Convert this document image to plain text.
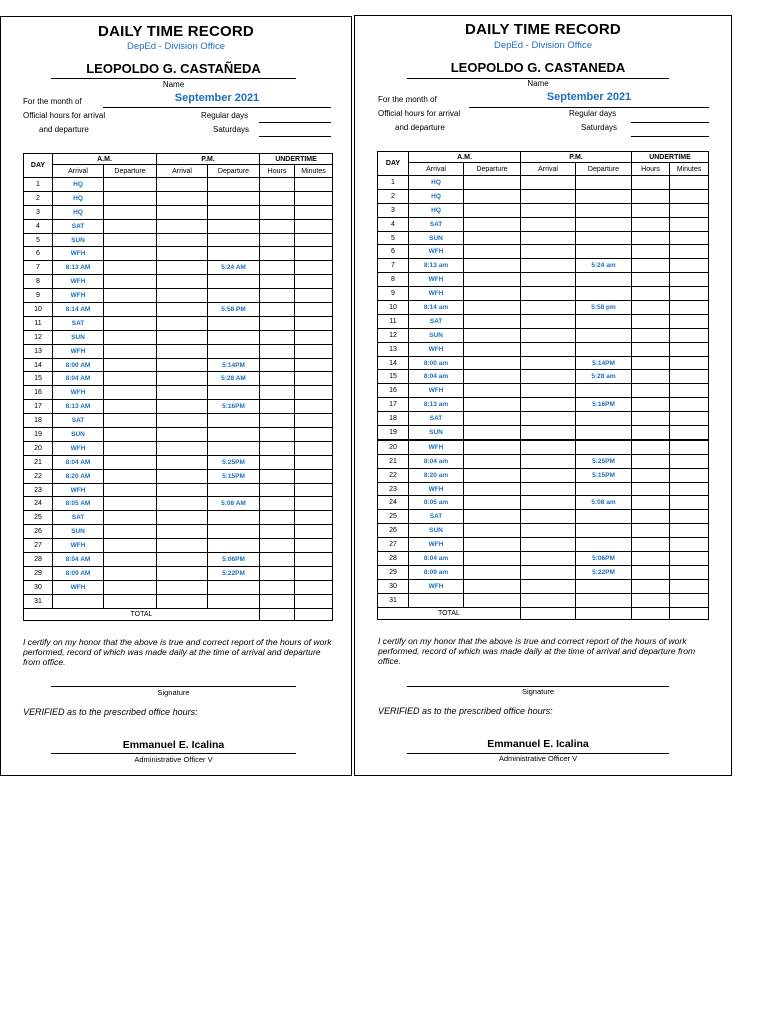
DAILY TIME RECORD
DepEd - Division Office
LEOPOLDO G. CASTAÑEDA
Name
For the month of	September 2021
Official hours for arrival	Regular days
and departure	Saturdays
DAY	A.M.		P.M.		UNDERTIME	
	Arrival	Departure	Arrival	Departure	Hours	Minutes
1	HQ					
2	HQ					
3	HQ					
4	SAT					
5	SUN					
6	WFH					
7	8:13 AM			5:24 AM		
8	WFH					
9	WFH					
10	8:14 AM			5:58 PM		
11	SAT					
12	SUN					
13	WFH					
14	8:00 AM			5:14PM		
15	8:04 AM			5:28 AM		
16	WFH					
17	8:13 AM			5:16PM		
18	SAT					
19	SUN					
20	WFH					
21	8:04 AM			5:25PM		
22	8:20 AM			5:15PM		
23	WFH					
24	8:05 AM			5:08 AM		
25	SAT					
26	SUN					
27	WFH					
28	8:04 AM			5:06PM		
29	8:09 AM			5:22PM		
30	WFH					
31						
TOTAL						
I certify on my honor that the above is true and correct report of the hours of work performed, record of which was made daily at the time of arrival and departure from office.
Signature
VERIFIED as to the prescribed office hours:
Emmanuel E. Icalina
Administrative Officer V
DAILY TIME RECORD
DepEd - Division Office
LEOPOLDO G. CASTANEDA
Name
For the month of	September 2021
Official hours for arrival	Regular days
and departure	Saturdays
DAY	A.M.		P.M.		UNDERTIME	
	Arrival	Departure	Arrival	Departure	Hours	Minutes
1	HQ					
2	HQ					
3	HQ					
4	SAT					
5	SUN					
6	WFH					
7	8:13 am			5:24 am		
8	WFH					
9	WFH					
10	8:14 am			5:58 pm		
11	SAT					
12	SUN					
13	WFH					
14	8:00 am			5:14PM		
15	8:04 am			5:28 am		
16	WFH					
17	8:13 am			5:16PM		
18	SAT					
19	SUN					
20	WFH					
21	8:04 am			5:25PM		
22	8:20 am			5:15PM		
23	WFH					
24	8:05 am			5:08 am		
25	SAT					
26	SUN					
27	WFH					
28	8:04 am			5:06PM		
29	8:09 am			5:22PM		
30	WFH					
31						
TOTAL						
I certify on my honor that the above is true and correct report of the hours of work performed, record of which was made daily at the time of arrival and departure from office.
Signature
VERIFIED as to the prescribed office hours:
Emmanuel E. Icalina
Administrative Officer V
